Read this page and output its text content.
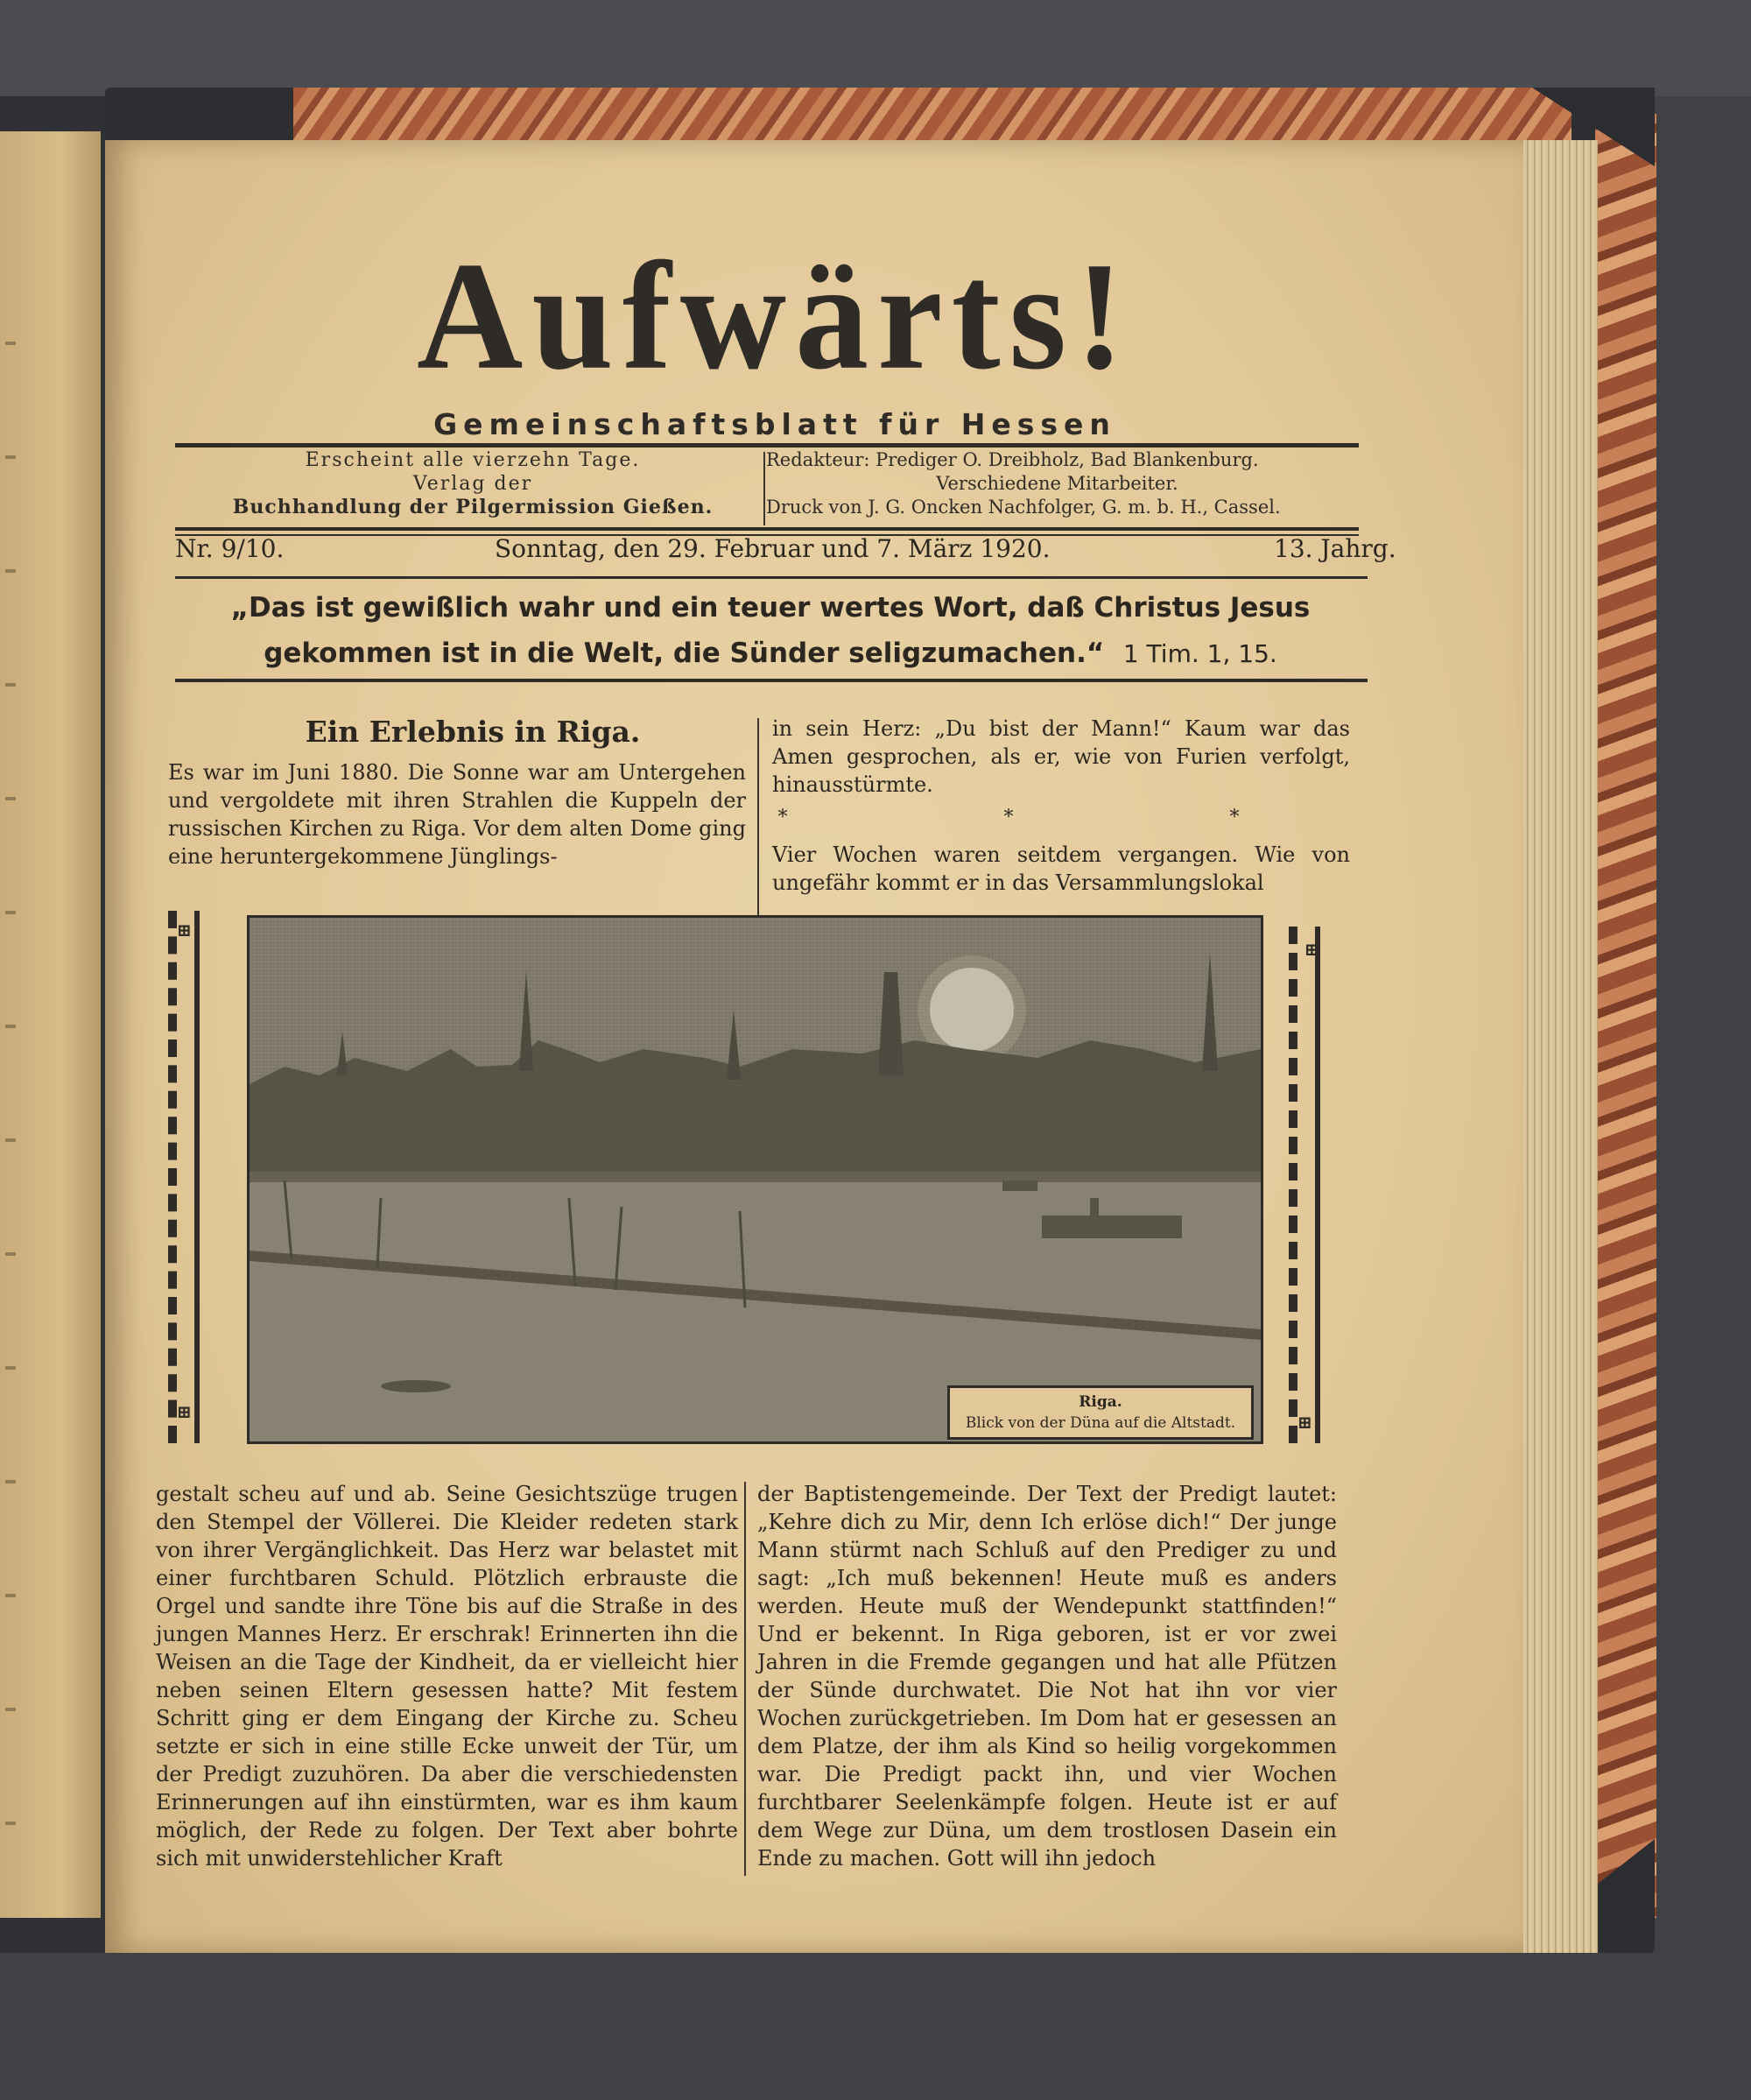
Aufwärts!
Gemeinschaftsblatt für Hessen
Erscheint alle vierzehn Tage.
Verlag der
Buchhandlung der Pilgermission Gießen.
Redakteur: Prediger O. Dreibholz, Bad Blankenburg.
Verschiedene Mitarbeiter.
Druck von J. G. Oncken Nachfolger, G. m. b. H., Cassel.
Nr. 9/10.	Sonntag, den 29. Februar und 7. März 1920.	13. Jahrg.
„Das ist gewißlich wahr und ein teuer wertes Wort, daß Christus Jesus
gekommen ist in die Welt, die Sünder seligzumachen.“ 1 Tim. 1, 15.
Ein Erlebnis in Riga.
Es war im Juni 1880. Die Sonne war am Untergehen und vergoldete mit ihren Strahlen die Kuppeln der russischen Kirchen zu Riga. Vor dem alten Dome ging eine heruntergekommene Jünglings-

in sein Herz: „Du bist der Mann!“ Kaum war das Amen gesprochen, als er, wie von Furien verfolgt, hinausstürmte.

* * *

Vier Wochen waren seitdem vergangen. Wie von ungefähr kommt er in das Versammlungslokal

⊞
⊞
⊞
⊞
Riga.
Blick von der Düna auf die Altstadt.
gestalt scheu auf und ab. Seine Gesichtszüge trugen den Stempel der Völlerei. Die Kleider redeten stark von ihrer Vergänglichkeit. Das Herz war belastet mit einer furchtbaren Schuld. Plötzlich erbrauste die Orgel und sandte ihre Töne bis auf die Straße in des jungen Mannes Herz. Er erschrak! Erinnerten ihn die Weisen an die Tage der Kindheit, da er vielleicht hier neben seinen Eltern gesessen hatte? Mit festem Schritt ging er dem Eingang der Kirche zu. Scheu setzte er sich in eine stille Ecke unweit der Tür, um der Predigt zuzuhören. Da aber die verschiedensten Erinnerungen auf ihn einstürmten, war es ihm kaum möglich, der Rede zu folgen. Der Text aber bohrte sich mit unwiderstehlicher Kraft
der Baptistengemeinde. Der Text der Predigt lautet: „Kehre dich zu Mir, denn Ich erlöse dich!“ Der junge Mann stürmt nach Schluß auf den Prediger zu und sagt: „Ich muß bekennen! Heute muß es anders werden. Heute muß der Wendepunkt stattfinden!“ Und er bekennt. In Riga geboren, ist er vor zwei Jahren in die Fremde gegangen und hat alle Pfützen der Sünde durchwatet. Die Not hat ihn vor vier Wochen zurückgetrieben. Im Dom hat er gesessen an dem Platze, der ihm als Kind so heilig vorgekommen war. Die Predigt packt ihn, und vier Wochen furchtbarer Seelenkämpfe folgen. Heute ist er auf dem Wege zur Düna, um dem trostlosen Dasein ein Ende zu machen. Gott will ihn jedoch
